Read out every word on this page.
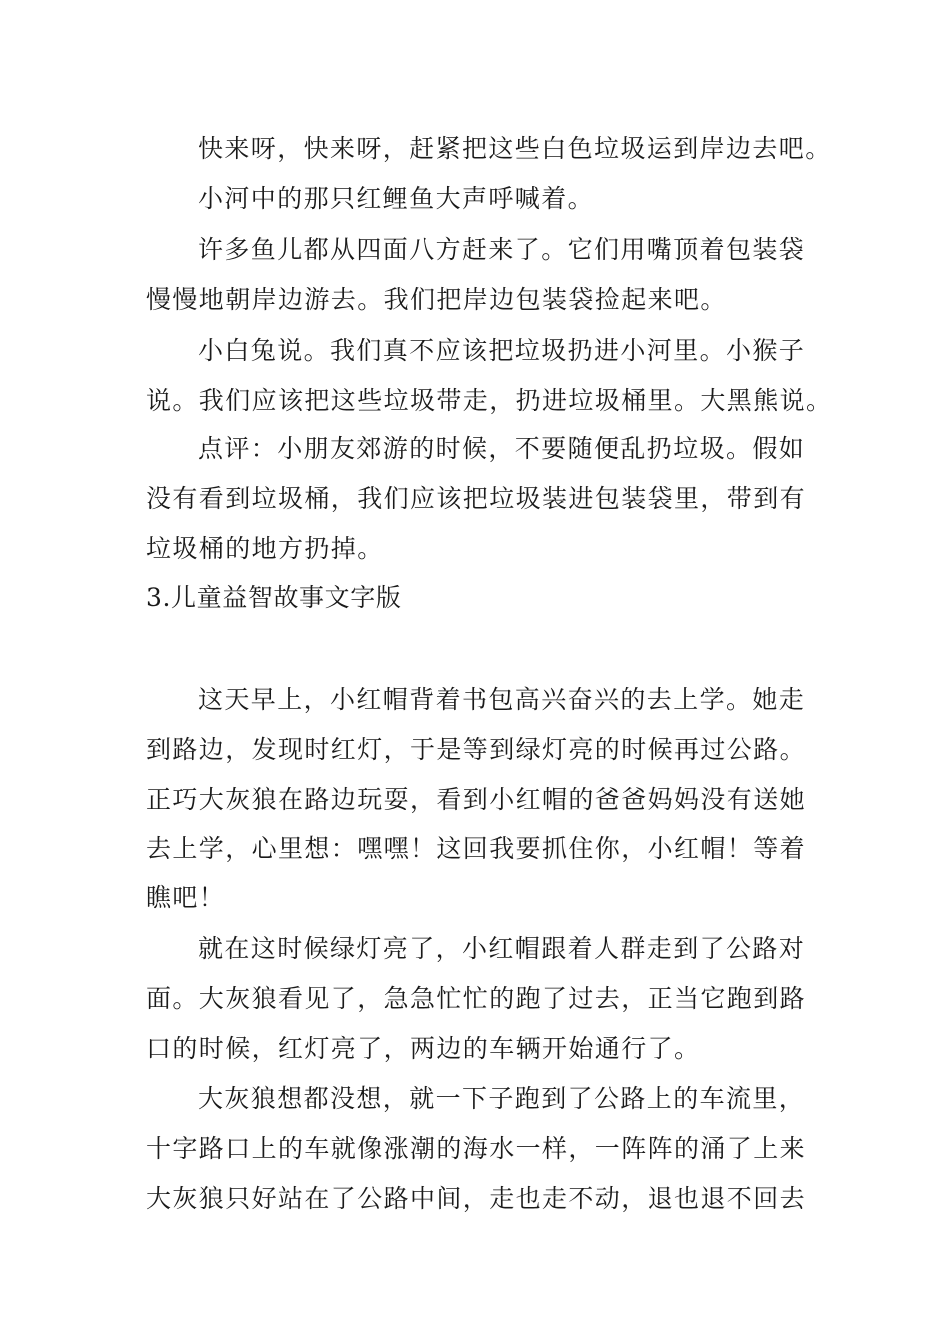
快来呀，快来呀，赶紧把这些白色垃圾运到岸边去吧。
小河中的那只红鲤鱼大声呼喊着。
许多鱼儿都从四面八方赶来了。它们用嘴顶着包装袋
慢慢地朝岸边游去。我们把岸边包装袋捡起来吧。
小白兔说。我们真不应该把垃圾扔进小河里。小猴子
说。我们应该把这些垃圾带走，扔进垃圾桶里。大黑熊说。
点评：小朋友郊游的时候，不要随便乱扔垃圾。假如
没有看到垃圾桶，我们应该把垃圾装进包装袋里，带到有
垃圾桶的地方扔掉。
3.儿童益智故事文字版
这天早上，小红帽背着书包高兴奋兴的去上学。她走
到路边，发现时红灯，于是等到绿灯亮的时候再过公路。
正巧大灰狼在路边玩耍，看到小红帽的爸爸妈妈没有送她
去上学，心里想：嘿嘿！这回我要抓住你，小红帽！等着
瞧吧！
就在这时候绿灯亮了，小红帽跟着人群走到了公路对
面。大灰狼看见了，急急忙忙的跑了过去，正当它跑到路
口的时候，红灯亮了，两边的车辆开始通行了。
大灰狼想都没想，就一下子跑到了公路上的车流里，
十字路口上的车就像涨潮的海水一样，一阵阵的涌了上来
大灰狼只好站在了公路中间，走也走不动，退也退不回去
